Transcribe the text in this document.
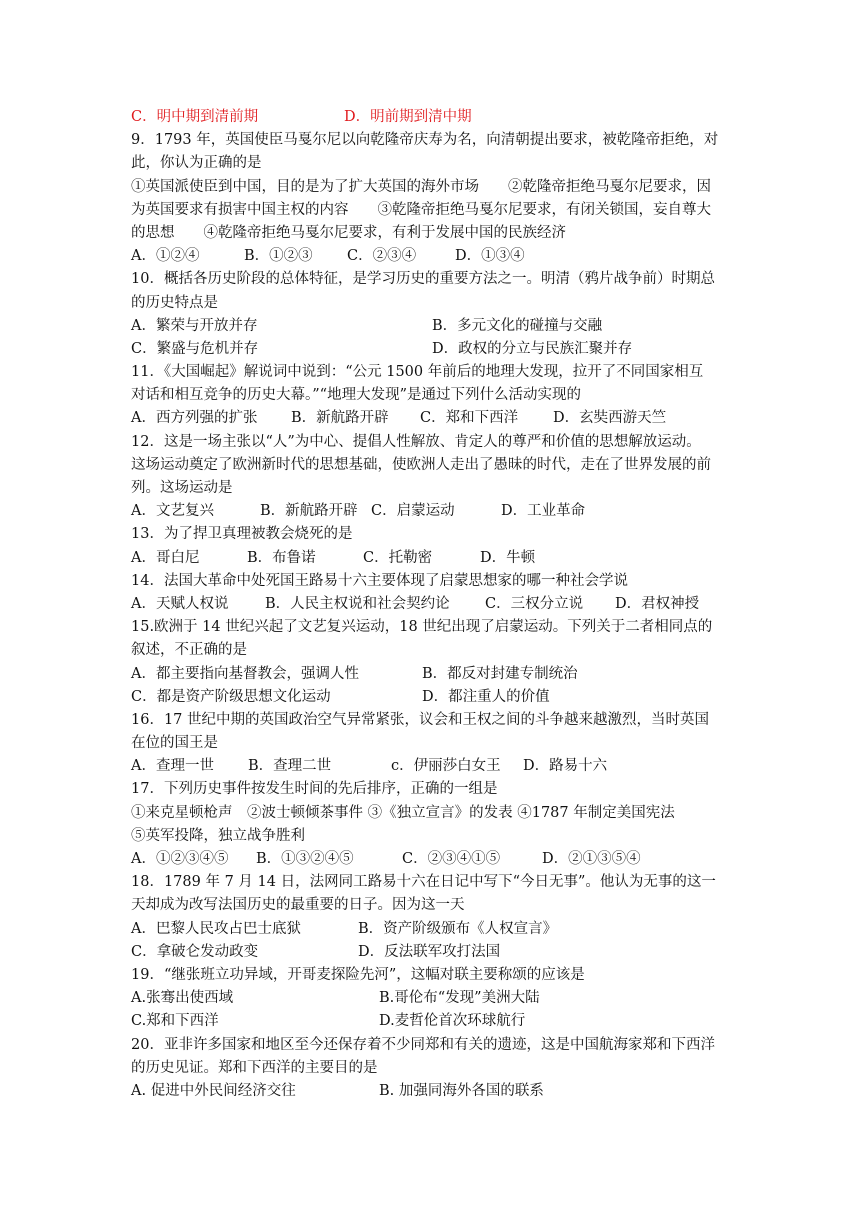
C．明中期到清前期	D．明前期到清中期
9．1793 年，英国使臣马戛尔尼以向乾隆帝庆寿为名，向清朝提出要求，被乾隆帝拒绝，对
此，你认为正确的是
①英国派使臣到中国，目的是为了扩大英国的海外市场　　②乾隆帝拒绝马戛尔尼要求，因
为英国要求有损害中国主权的内容　　③乾隆帝拒绝马戛尔尼要求，有闭关锁国，妄自尊大
的思想　　④乾隆帝拒绝马戛尔尼要求，有利于发展中国的民族经济
A．①②④	B．①②③ C．②③④	D．①③④
10．概括各历史阶段的总体特征，是学习历史的重要方法之一。明清（鸦片战争前）时期总
的历史特点是
A．繁荣与开放并存	B．多元文化的碰撞与交融
C．繁盛与危机并存	D．政权的分立与民族汇聚并存
11．《大国崛起》解说词中说到：“公元 1500 年前后的地理大发现，拉开了不同国家相互
对话和相互竞争的历史大幕。”“地理大发现”是通过下列什么活动实现的
A．西方列强的扩张 B．新航路开辟 C．郑和下西洋 D．玄奘西游天竺
12．这是一场主张以“人”为中心、提倡人性解放、肯定人的尊严和价值的思想解放运动。
这场运动奠定了欧洲新时代的思想基础，使欧洲人走出了愚昧的时代，走在了世界发展的前
列。这场运动是
A．文艺复兴	B．新航路开辟 C．启蒙运动	D．工业革命
13．为了捍卫真理被教会烧死的是
A．哥白尼	B．布鲁诺	C．托勒密	D．牛顿
14．法国大革命中处死国王路易十六主要体现了启蒙思想家的哪一种社会学说
A．天赋人权说	B．人民主权说和社会契约论 C．三权分立说 D．君权神授
15.欧洲于 14 世纪兴起了文艺复兴运动，18 世纪出现了启蒙运动。下列关于二者相同点的
叙述，不正确的是
A．都主要指向基督教会，强调人性	B．都反对封建专制统治
C．都是资产阶级思想文化运动	D．都注重人的价值
16．17 世纪中期的英国政治空气异常紧张，议会和王权之间的斗争越来越激烈，当时英国
在位的国王是
A．查理一世 B．查理二世	c．伊丽莎白女王 D．路易十六
17．下列历史事件按发生时间的先后排序，正确的一组是
①来克星顿枪声　②波士顿倾茶事件 ③《独立宣言》的发表 ④1787 年制定美国宪法
⑤英军投降，独立战争胜利
A．①②③④⑤ B．①③②④⑤	C．②③④①⑤	D．②①③⑤④
18．1789 年 7 月 14 日，法网同工路易十六在日记中写下“今日无事”。他认为无事的这一
天却成为改写法国历史的最重要的日子。因为这一天
A．巴黎人民攻占巴士底狱	B．资产阶级颁布《人权宣言》
C．拿破仑发动政变	D．反法联军攻打法国
19．“继张班立功异域，开哥麦探险先河”，这幅对联主要称颂的应该是
A.张骞出使西域	B.哥伦布“发现”美洲大陆
C.郑和下西洋	D.麦哲伦首次环球航行
20．亚非许多国家和地区至今还保存着不少同郑和有关的遗迹，这是中国航海家郑和下西洋
的历史见证。郑和下西洋的主要目的是
A. 促进中外民间经济交往	B. 加强同海外各国的联系
